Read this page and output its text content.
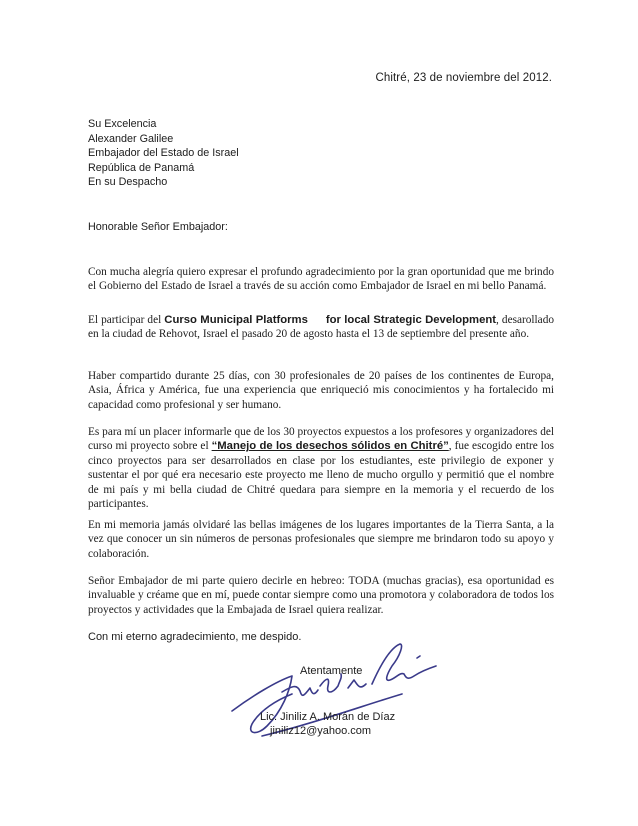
Chitré, 23 de noviembre del 2012.
Su Excelencia
Alexander Galilee
Embajador del Estado de Israel
República de Panamá
En su Despacho
Honorable Señor Embajador:

Con mucha alegría quiero expresar el profundo agradecimiento por la gran oportunidad que me brindo el Gobierno del Estado de Israel a través de su acción como Embajador de Israel en mi bello Panamá.

El participar del Curso Municipal Platforms for local Strategic Development, desarollado en la ciudad de Rehovot, Israel el pasado 20 de agosto hasta el 13 de septiembre del presente año.

Haber compartido durante 25 días, con 30 profesionales de 20 países de los continentes de Europa, Asia, África y América, fue una experiencia que enriqueció mis conocimientos y ha fortalecido mi capacidad como profesional y ser humano.

Es para mí un placer informarle que de los 30 proyectos expuestos a los profesores y organizadores del curso mi proyecto sobre el “Manejo de los desechos sólidos en Chitré”, fue escogido entre los cinco proyectos para ser desarrollados en clase por los estudiantes, este privilegio de exponer y sustentar el por qué era necesario este proyecto me lleno de mucho orgullo y permitió que el nombre de mi país y mi bella ciudad de Chitré quedara para siempre en la memoria y el recuerdo de los participantes.

En mi memoria jamás olvidaré las bellas imágenes de los lugares importantes de la Tierra Santa, a la vez que conocer un sin números de personas profesionales que siempre me brindaron todo su apoyo y colaboración.

Señor Embajador de mi parte quiero decirle en hebreo: TODA (muchas gracias), esa oportunidad es invaluable y créame que en mí, puede contar siempre como una promotora y colaboradora de todos los proyectos y actividades que la Embajada de Israel quiera realizar.

Con mi eterno agradecimiento, me despido.

Atentamente
Lic. Jiniliz A. Morán de Díaz
jiniliz12@yahoo.com
